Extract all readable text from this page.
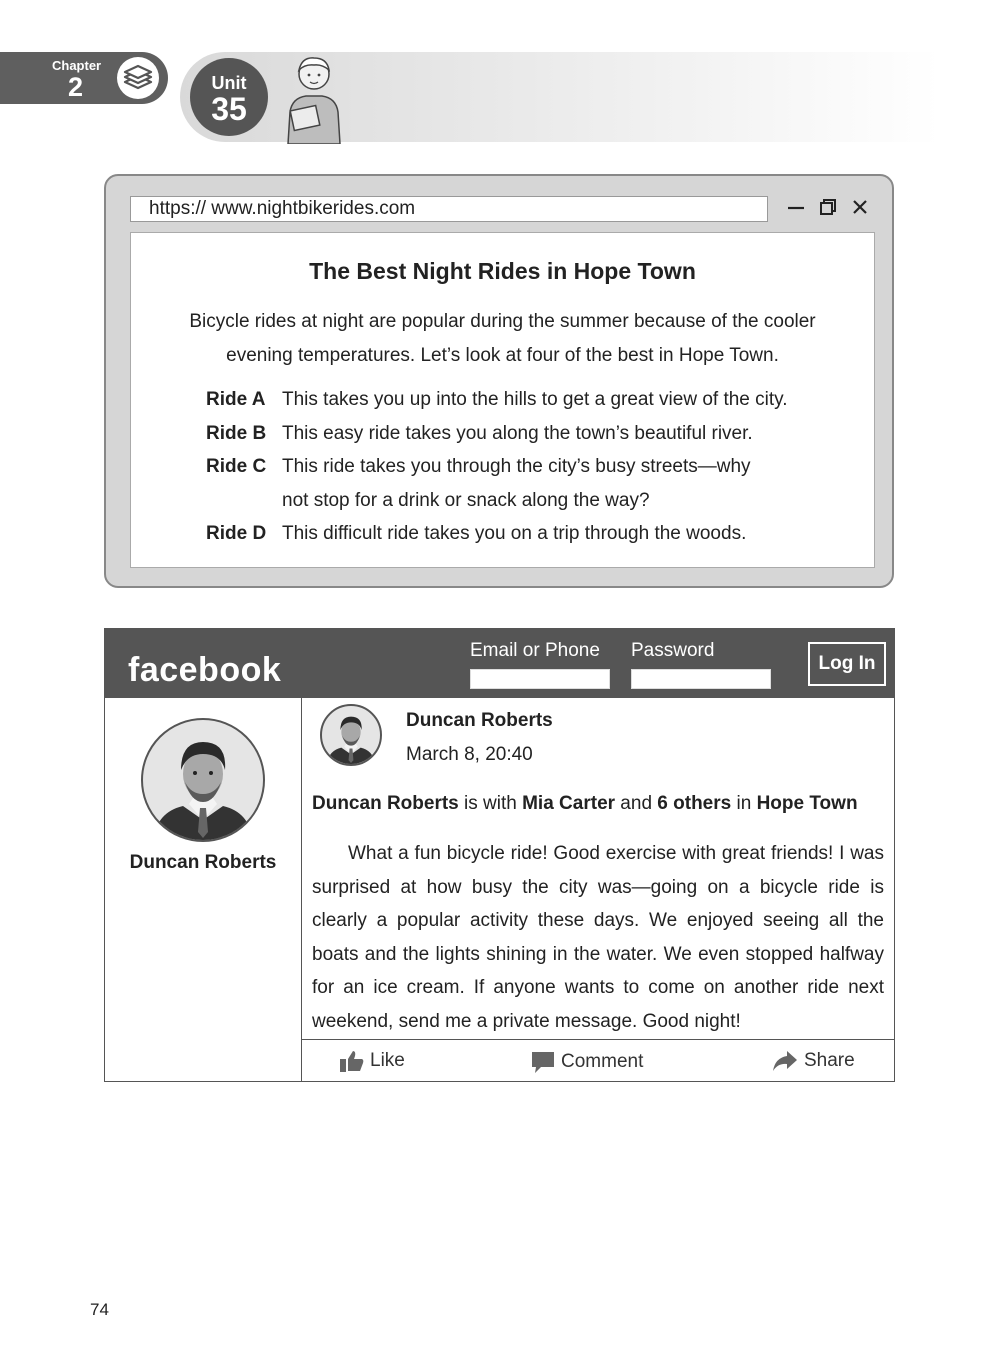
Chapter
2	Unit
35
https:// www.nightbikerides.com
The Best Night Rides in Hope Town
Bicycle rides at night are popular during the summer because of the cooler
evening temperatures. Let’s look at four of the best in Hope Town.
Ride A This takes you up into the hills to get a great view of the city.
Ride B This easy ride takes you along the town’s beautiful river.
Ride C This ride takes you through the city’s busy streets—why
not stop for a drink or snack along the way?
Ride D This difficult ride takes you on a trip through the woods.
facebook
Email or Phone Password
Log In
Duncan Roberts
Duncan Roberts
March 8, 20:40
Duncan Roberts is with Mia Carter and 6 others in Hope Town
What a fun bicycle ride! Good exercise with great friends! I was surprised at how busy the city was—going on a bicycle ride is clearly a popular activity these days. We enjoyed seeing all the boats and the lights shining in the water. We even stopped halfway for an ice cream. If anyone wants to come on another ride next weekend, send me a private message. Good night!
Like	Comment	Share
74
